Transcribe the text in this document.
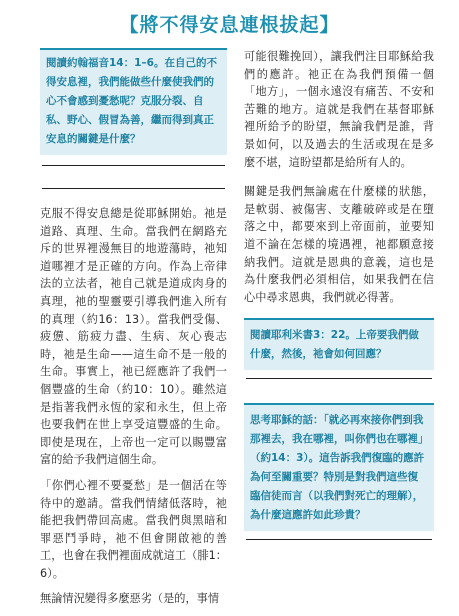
【將不得安息連根拔起】
閱讀約翰福音14：1–6。在自己的不得安息裡，我們能做些什麼使我們的心不會感到憂愁呢？克服分裂、自私、野心、假冒為善，繼而得到真正安息的關鍵是什麼？

克服不得安息總是從耶穌開始。祂是道路、真理、生命。當我們在網路充斥的世界裡漫無目的地遊蕩時，祂知道哪裡才是正確的方向。作為上帝律法的立法者，祂自己就是道成肉身的真理，祂的聖靈要引導我們進入所有的真理（約16：13）。當我們受傷、疲憊、筋疲力盡、生病、灰心喪志時，祂是生命——這生命不是一般的生命。事實上，祂已經應許了我們一個豐盛的生命（約10：10）。雖然這是指著我們永恆的家和永生，但上帝也要我們在世上享受這豐盛的生命。即使是現在，上帝也一定可以賜豐富富的給予我們這個生命。

「你們心裡不要憂愁」是一個活在等待中的邀請。當我們情緒低落時，祂能把我們帶回高處。當我們與黑暗和罪惡鬥爭時，祂不但會開啟祂的善工，也會在我們裡面成就這工（腓1：6）。

無論情況變得多麼惡劣（是的，事情

可能很難挽回），讓我們注目耶穌給我們的應許。祂正在為我們預備一個「地方」，一個永遠沒有痛苦、不安和苦難的地方。這就是我們在基督耶穌裡所給予的盼望，無論我們是誰，背景如何，以及過去的生活或現在是多麼不堪，這盼望都是給所有人的。

關鍵是我們無論處在什麼樣的狀態，是軟弱、被傷害、支離破碎或是在墮落之中，都要來到上帝面前，並要知道不論在怎樣的境遇裡，祂都願意接納我們。這就是恩典的意義，這也是為什麼我們必須相信，如果我們在信心中尋求恩典，我們就必得著。

閱讀耶利米書3：22。上帝要我們做什麼，然後，祂會如何回應？
思考耶穌的話：「就必再來接你們到我那裡去，我在哪裡，叫你們也在哪裡」（約14：3）。這告訴我們復臨的應許為何至關重要？特別是對我們這些復臨信徒而言（以我們對死亡的理解），為什麼這應許如此珍貴？
